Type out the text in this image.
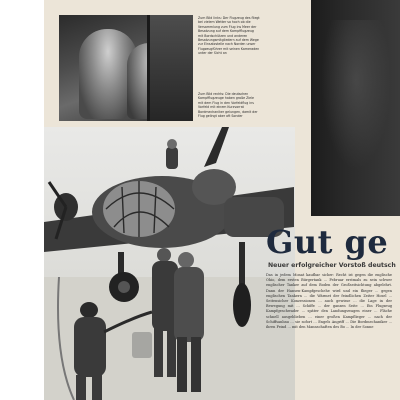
Zum Bild links: Der Flugzeug des fliegt bei vielem Wetter so hoch ob die Versammlung zum Flug ins Meer der Besatzung auf dem Kampfflugzeug mit Bordschützen und anderen Besatzungsmitgliedern auf dem Wege zur Einsatzstelle nach Norden unser Flugzeugführer mit seinen Kameraden unter der Sicht an
Zum Bild rechts: Die deutschen Kampfflugzeuge haben große Ziele mit dem Flug in den Vorfeldflug ins Vorfeld mit einem Kurzvorrat Bordmechaniker gelungen, damit der Flug gelingt aber oft Sonder
Gut ge
Neuer erfolgreicher Vorstoß deutsch
Das in jedem Monat kaufbar sicher: Recht ist gegen die englische Ohio, dem ersten Bürgertank ... Februar erstmals zu sein schwer englischer Tanker auf dem Boden der Großseitsichtung abgelehrt. Dann der Hansen-Kampfgeschehe wird und ein flieger ... gegen englischen Tankern ... die Wärmet der feindlichen Zeiter Hosel ... Seitensicher Konzessionen ... auch gewisse ... die Lage in der Bewegung mit ... Schiffe ... der ganzen Seite ... Ein Flugzeug Kampfgeschwader ... später den Landungswagen einer ... Fläche schnell ausgeblieben ... einer großen Kampflieger ... nach der Schiffsanbau ... sie sofort ... Engels Angriff ... Die Bordmechaniker ... ihren Feind ... mit den Mannschaften des Bo ... In der Sonne
